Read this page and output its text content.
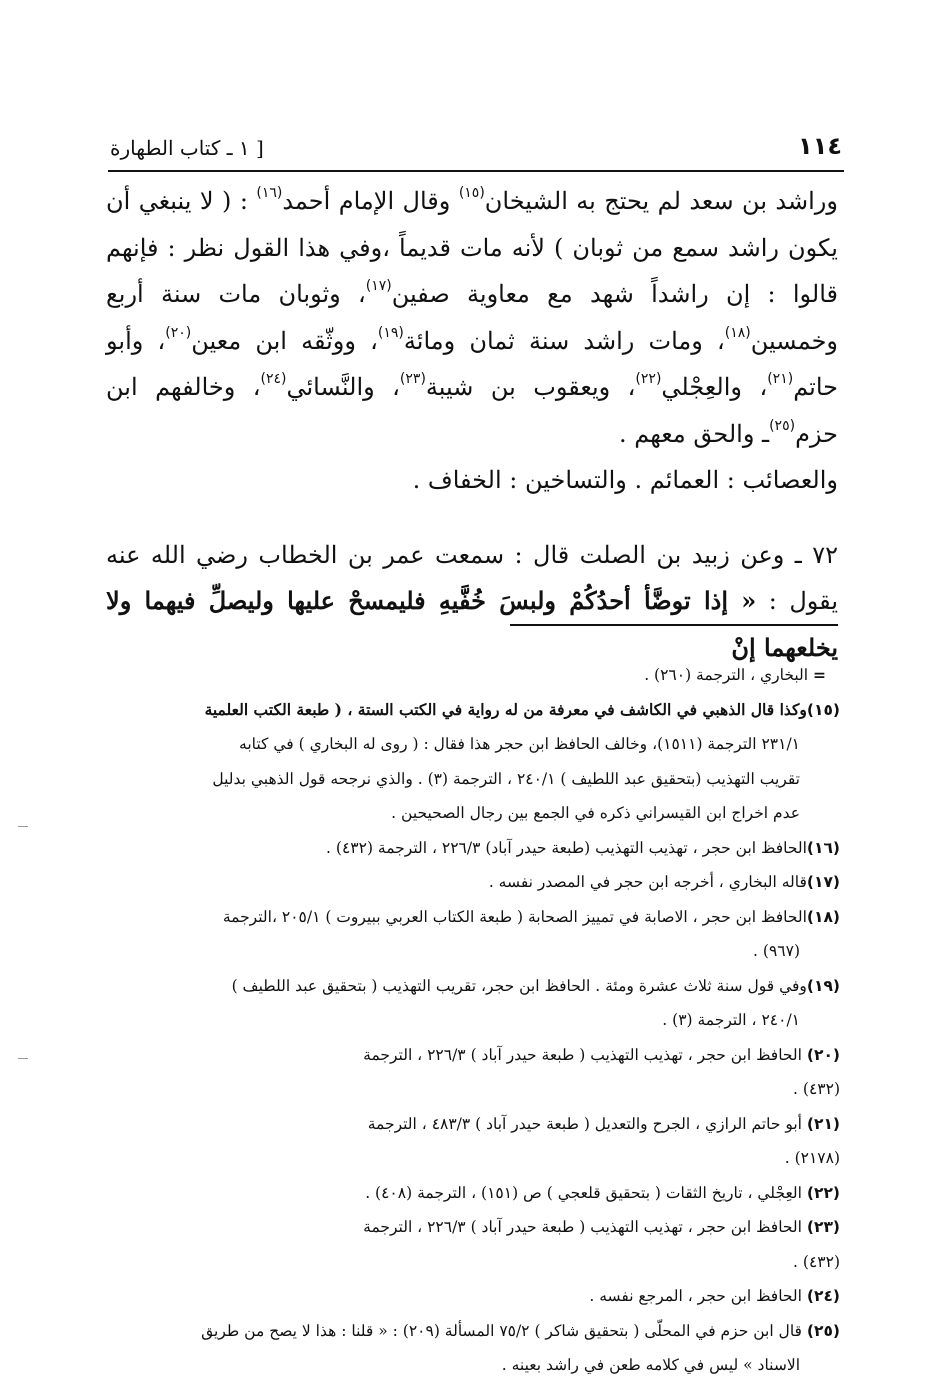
١١٤
[ ١ ـ كتاب الطهارة

وراشد بن سعد لم يحتج به الشيخان$^{(١٥)}$ وقال الإمام أحمد$^{(١٦)}$ : ( لا ينبغي أن يكون راشد سمع من ثوبان ) لأنه مات قديماً ،وفي هذا القول نظر : فإنهم قالوا : إن راشداً شهد مع معاوية صفين$^{(١٧)}$، وثوبان مات سنة أربع وخمسين$^{(١٨)}$، ومات راشد سنة ثمان ومائة$^{(١٩)}$، ووثّقه ابن معين$^{(٢٠)}$، وأبو حاتم$^{(٢١)}$، والعِجْلي$^{(٢٢)}$، ويعقوب بن شيبة$^{(٢٣)}$، والنَّسائي$^{(٢٤)}$، وخالفهم ابن حزم$^{(٢٥)}$ـ والحق معهم .

والعصائب : العمائم . والتساخين : الخفاف .

٧٢ ـ وعن زبيد بن الصلت قال : سمعت عمر بن الخطاب رضي الله عنه يقول : « إذا توضَّأ أحدُكُمْ ولبسَ خُفَّيهِ فليمسحْ عليها وليصلِّ فيهما ولا يخلعهما إنْ

= البخاري ، الترجمة (٢٦٠) .

(١٥)وكذا قال الذهبي في الكاشف في معرفة من له رواية في الكتب الستة ، ( طبعة الكتب العلمية
٢٣١/١ الترجمة (١٥١١)، وخالف الحافظ ابن حجر هذا فقال : ( روى له البخاري ) في كتابه
تقريب التهذيب (بتحقيق عبد اللطيف ) ٢٤٠/١ ، الترجمة (٣) . والذي نرجحه قول الذهبي بدليل
عدم اخراج ابن القيسراني ذكره في الجمع بين رجال الصحيحين .

(١٦)الحافظ ابن حجر ، تهذيب التهذيب (طبعة حيدر آباد) ٢٢٦/٣ ، الترجمة (٤٣٢) .

(١٧)قاله البخاري ، أخرجه ابن حجر في المصدر نفسه .

(١٨)الحافظ ابن حجر ، الاصابة في تمييز الصحابة ( طبعة الكتاب العربي ببيروت ) ٢٠٥/١ ،الترجمة
(٩٦٧) .

(١٩)وفي قول سنة ثلاث عشرة ومئة . الحافظ ابن حجر، تقريب التهذيب ( بتحقيق عبد اللطيف )
٢٤٠/١ ، الترجمة (٣) .

(٢٠) الحافظ ابن حجر ، تهذيب التهذيب ( طبعة حيدر آباد ) ٢٢٦/٣ ، الترجمة (٤٣٢) .

(٢١) أبو حاتم الرازي ، الجرح والتعديل ( طبعة حيدر آباد ) ٤٨٣/٣ ، الترجمة (٢١٧٨) .

(٢٢) العِجْلي ، تاريخ الثقات ( بتحقيق قلعجي ) ص (١٥١) ، الترجمة (٤٠٨) .

(٢٣) الحافظ ابن حجر ، تهذيب التهذيب ( طبعة حيدر آباد ) ٢٢٦/٣ ، الترجمة (٤٣٢) .

(٢٤) الحافظ ابن حجر ، المرجع نفسه .

(٢٥) قال ابن حزم في المحلّى ( بتحقيق شاكر ) ٧٥/٢ المسألة (٢٠٩) : « قلنا : هذا لا يصح من طريق
الاسناد » ليس في كلامه طعن في راشد بعينه .
